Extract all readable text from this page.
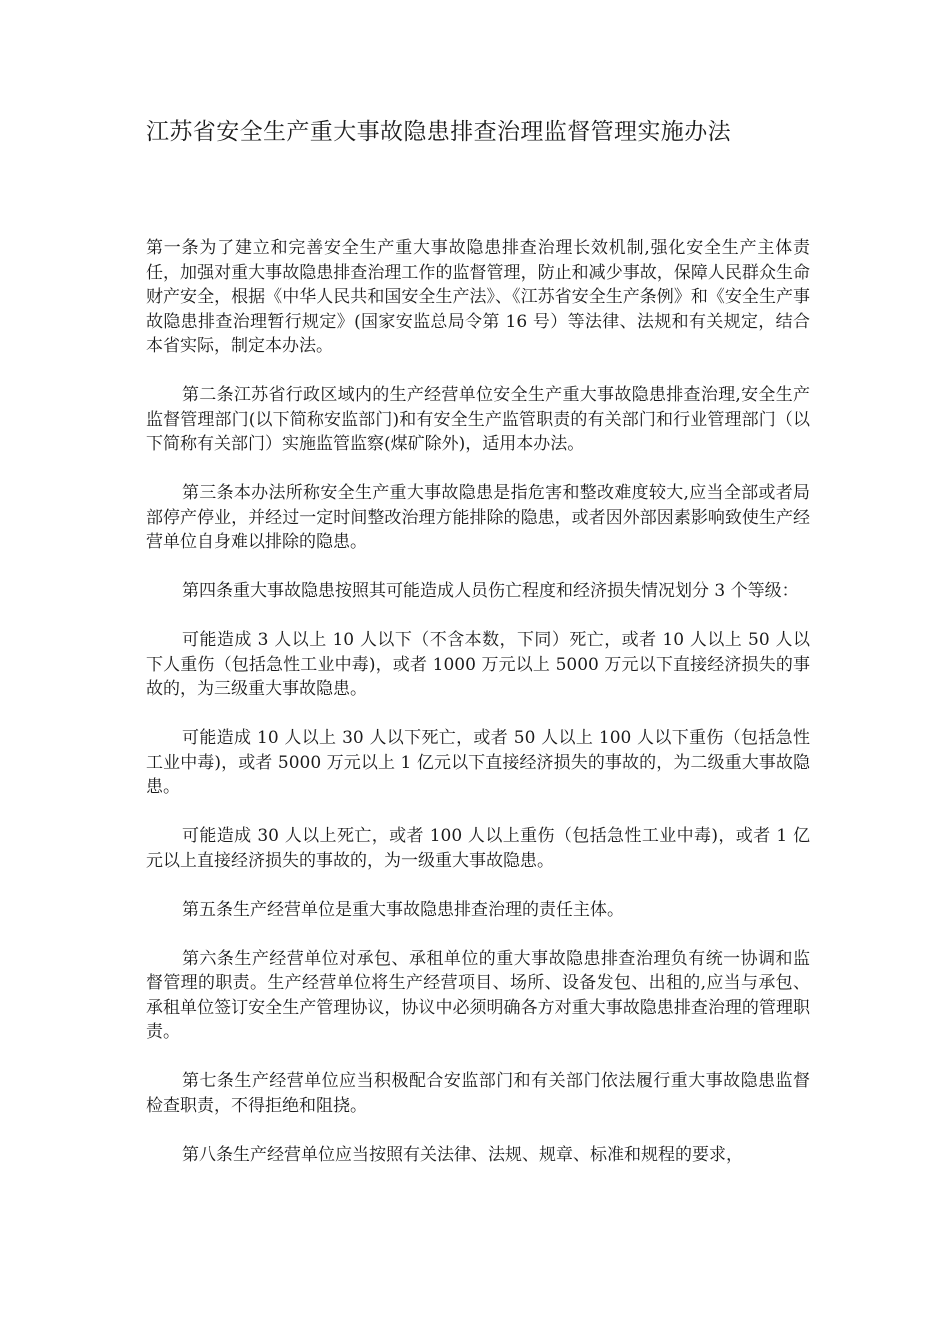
江苏省安全生产重大事故隐患排查治理监督管理实施办法

第一条为了建立和完善安全生产重大事故隐患排查治理长效机制,强化安全生产主体责任，加强对重大事故隐患排查治理工作的监督管理，防止和减少事故，保障人民群众生命财产安全，根据《中华人民共和国安全生产法》、《江苏省安全生产条例》和《安全生产事故隐患排查治理暂行规定》(国家安监总局令第 16 号）等法律、法规和有关规定，结合本省实际，制定本办法。

第二条江苏省行政区域内的生产经营单位安全生产重大事故隐患排查治理,安全生产监督管理部门(以下简称安监部门)和有安全生产监管职责的有关部门和行业管理部门（以下简称有关部门）实施监管监察(煤矿除外)，适用本办法。

第三条本办法所称安全生产重大事故隐患是指危害和整改难度较大,应当全部或者局部停产停业，并经过一定时间整改治理方能排除的隐患，或者因外部因素影响致使生产经营单位自身难以排除的隐患。

第四条重大事故隐患按照其可能造成人员伤亡程度和经济损失情况划分 3 个等级：

可能造成 3 人以上 10 人以下（不含本数，下同）死亡，或者 10 人以上 50 人以下人重伤（包括急性工业中毒)，或者 1000 万元以上 5000 万元以下直接经济损失的事故的，为三级重大事故隐患。

可能造成 10 人以上 30 人以下死亡，或者 50 人以上 100 人以下重伤（包括急性工业中毒)，或者 5000 万元以上 1 亿元以下直接经济损失的事故的，为二级重大事故隐患。

可能造成 30 人以上死亡，或者 100 人以上重伤（包括急性工业中毒)，或者 1 亿元以上直接经济损失的事故的，为一级重大事故隐患。

第五条生产经营单位是重大事故隐患排查治理的责任主体。

第六条生产经营单位对承包、承租单位的重大事故隐患排查治理负有统一协调和监督管理的职责。生产经营单位将生产经营项目、场所、设备发包、出租的,应当与承包、承租单位签订安全生产管理协议，协议中必须明确各方对重大事故隐患排查治理的管理职责。

第七条生产经营单位应当积极配合安监部门和有关部门依法履行重大事故隐患监督检查职责，不得拒绝和阻挠。

第八条生产经营单位应当按照有关法律、法规、规章、标准和规程的要求，
